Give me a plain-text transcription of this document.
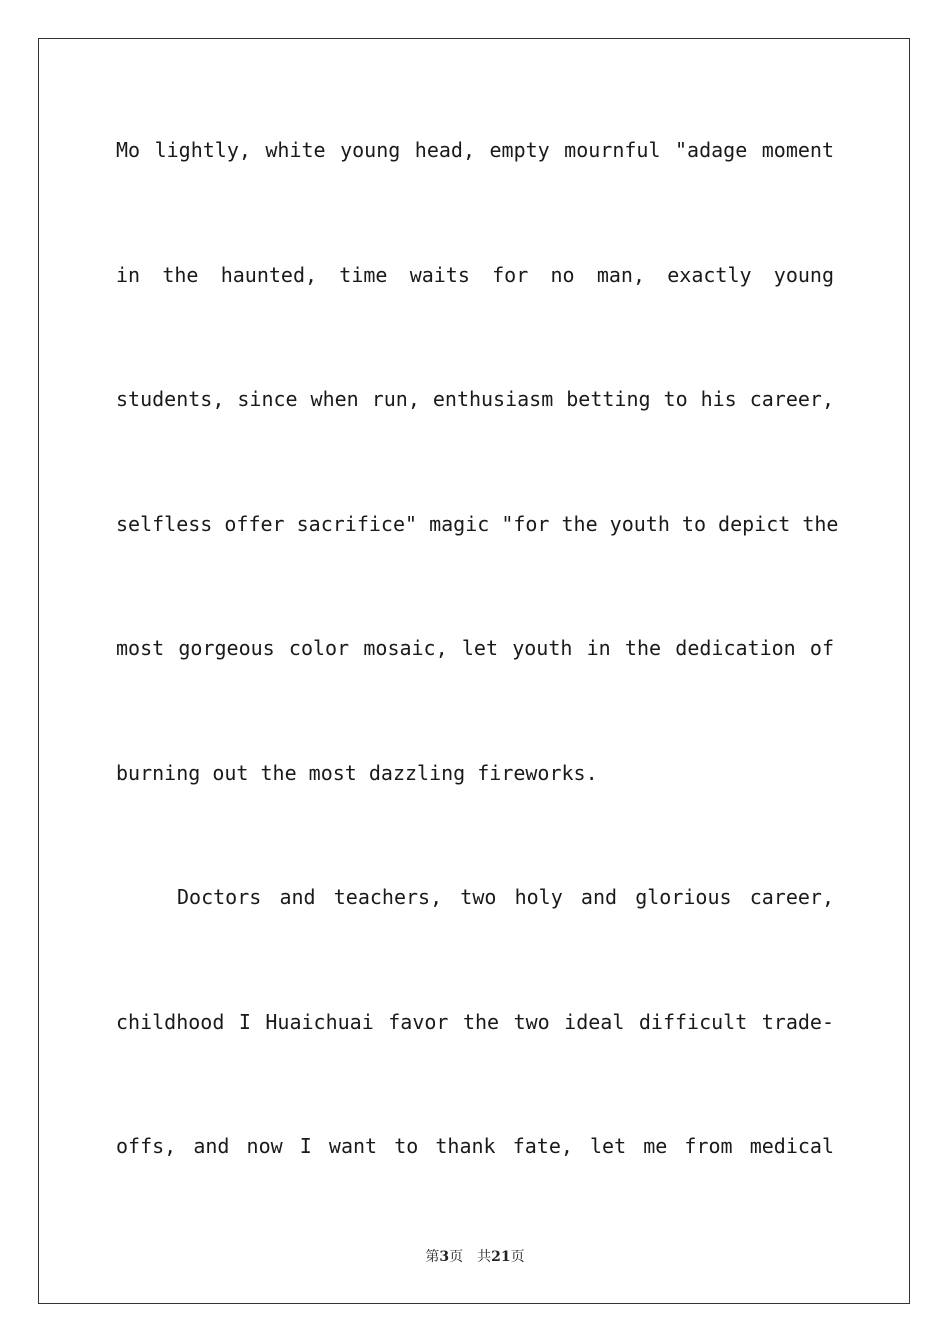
Mo lightly, white young head, empty mournful "adage moment
in the haunted, time waits for no man, exactly young
students, since when run, enthusiasm betting to his career,
selfless offer sacrifice" magic "for the youth to depict the
most gorgeous color mosaic, let youth in the dedication of
burning out the most dazzling fireworks.
Doctors and teachers, two holy and glorious career,
childhood I Huaichuai favor the two ideal difficult trade-
offs, and now I want to thank fate, let me from medical
第3页 共21页
